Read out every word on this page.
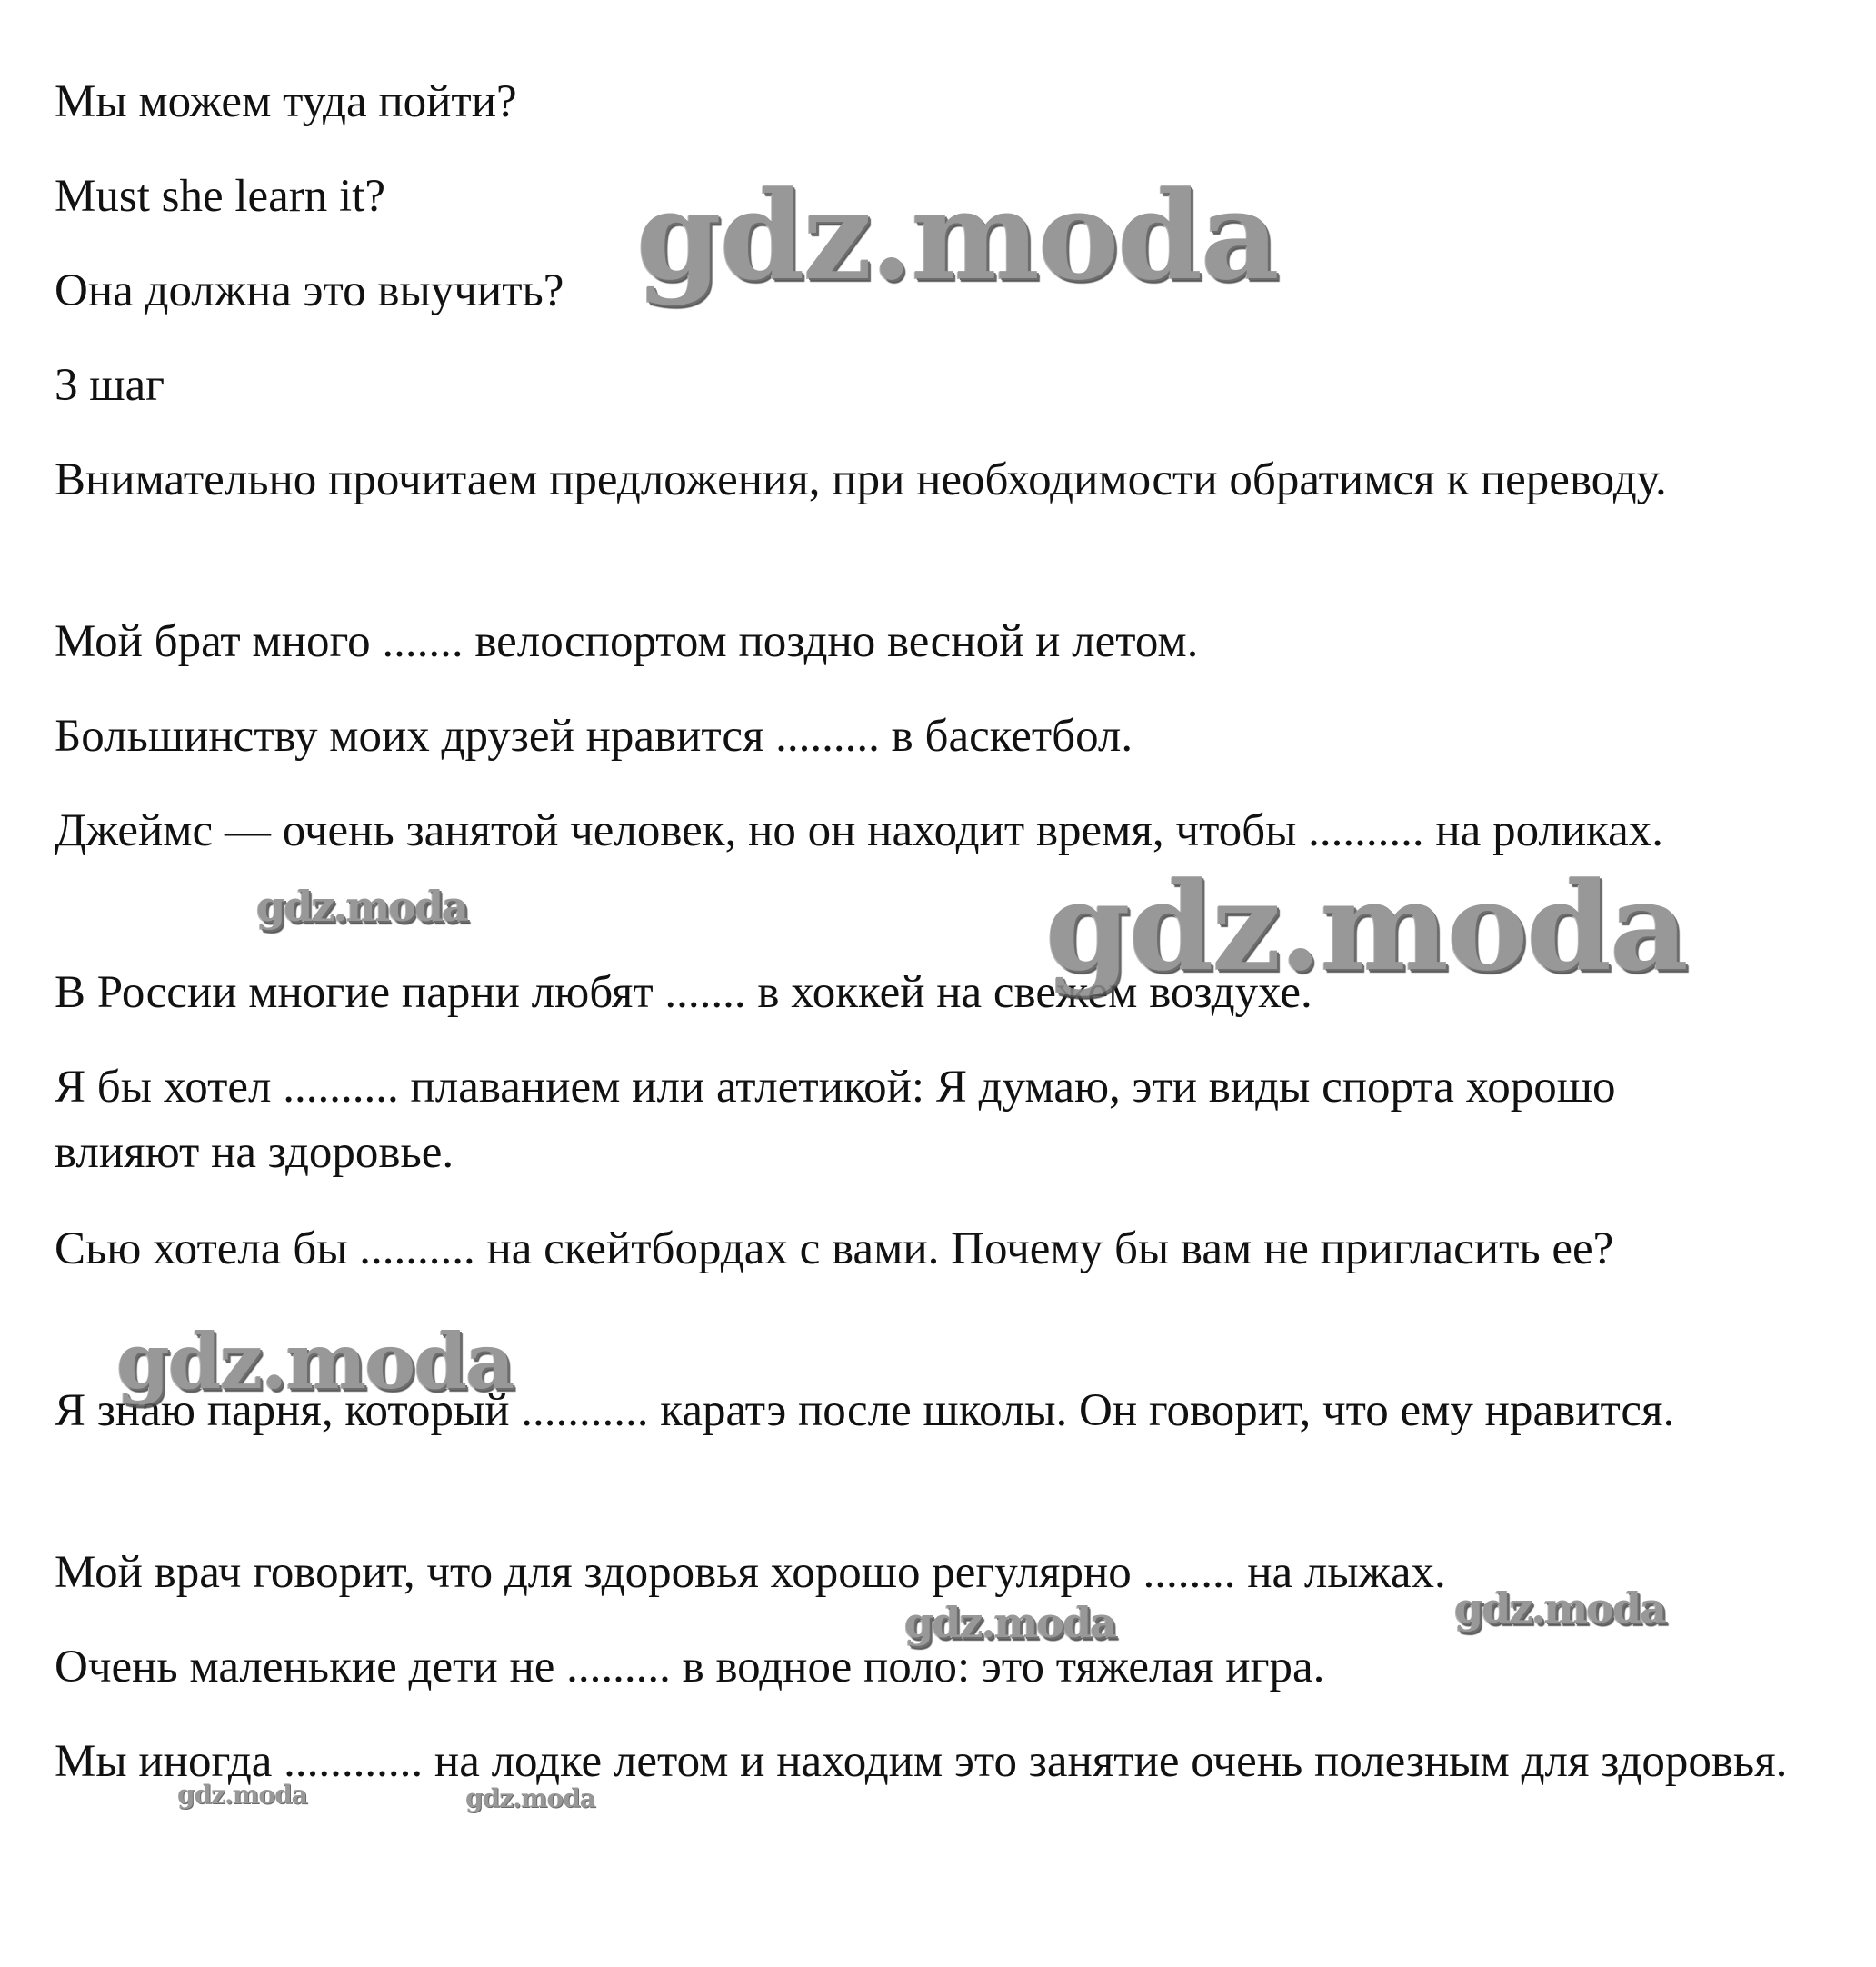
Мы можем туда пойти?

Must she learn it?

Она должна это выучить?

3 шаг

Внимательно прочитаем предложения, при необходимости обратимся к переводу.

Мой брат много ....... велоспортом поздно весной и летом.

Большинству моих друзей нравится ......... в баскетбол.

Джеймс — очень занятой человек, но он находит время, чтобы .......... на роликах.

В России многие парни любят ....... в хоккей на свежем воздухе.

Я бы хотел .......... плаванием или атлетикой: Я думаю, эти виды спорта хорошо влияют на здоровье.

Сью хотела бы .......... на скейтбордах с вами. Почему бы вам не пригласить ее?

Я знаю парня, который ........... каратэ после школы. Он говорит, что ему нравится.

Мой врач говорит, что для здоровья хорошо регулярно ........ на лыжах.

Очень маленькие дети не ......... в водное поло: это тяжелая игра.

Мы иногда ............ на лодке летом и находим это занятие очень полезным для здоровья.

gdz.moda
gdz.moda	gdz.moda
gdz.moda
gdz.moda	gdz.moda
gdz.moda	gdz.moda
